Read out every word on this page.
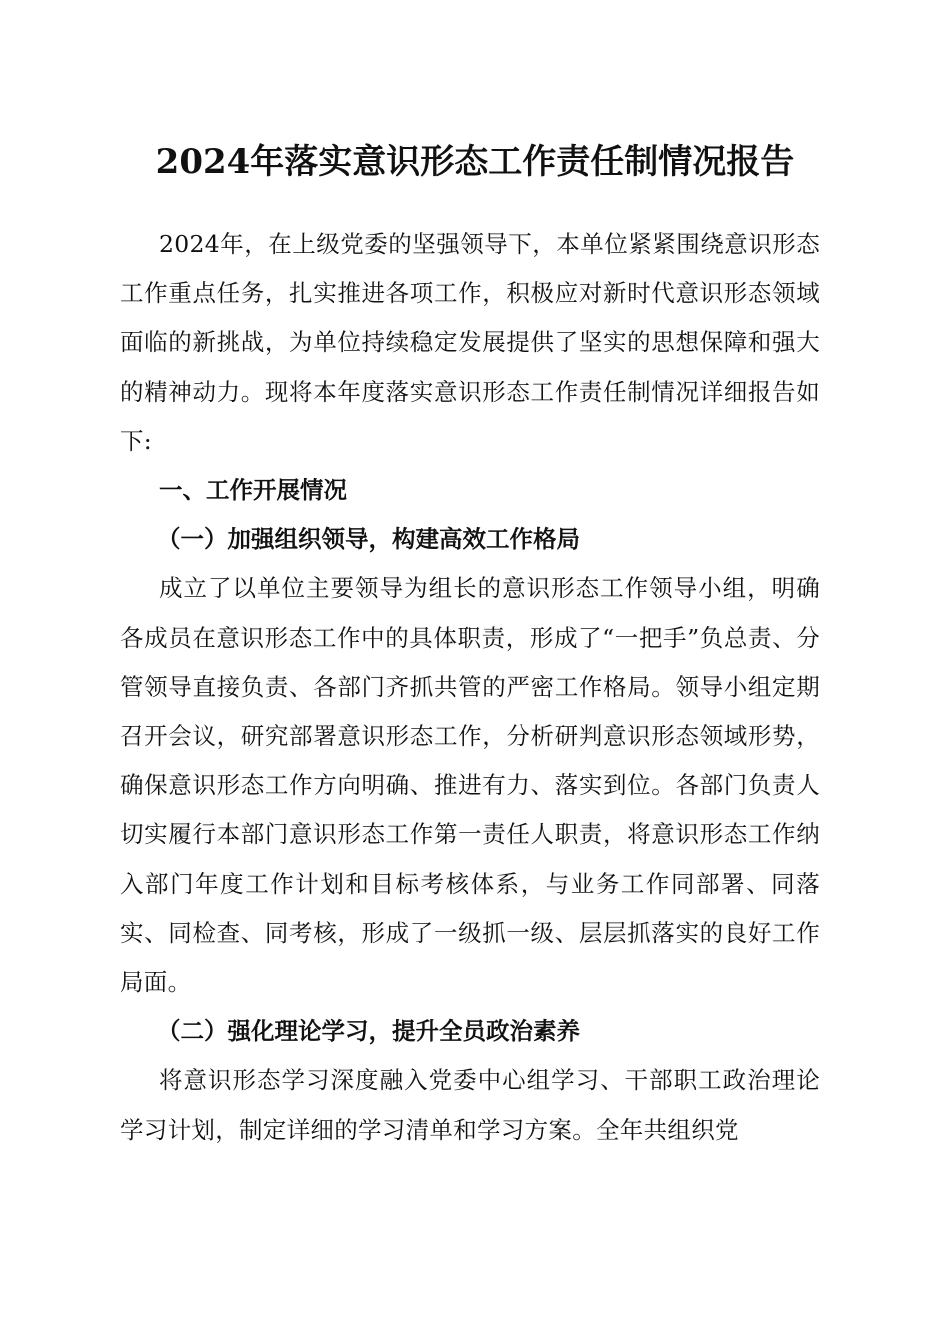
2024年落实意识形态工作责任制情况报告

2024年，在上级党委的坚强领导下，本单位紧紧围绕意识形态工作重点任务，扎实推进各项工作，积极应对新时代意识形态领域面临的新挑战，为单位持续稳定发展提供了坚实的思想保障和强大的精神动力。现将本年度落实意识形态工作责任制情况详细报告如下:

一、工作开展情况

（一）加强组织领导，构建高效工作格局

成立了以单位主要领导为组长的意识形态工作领导小组，明确各成员在意识形态工作中的具体职责，形成了“一把手”负总责、分管领导直接负责、各部门齐抓共管的严密工作格局。领导小组定期召开会议，研究部署意识形态工作，分析研判意识形态领域形势，确保意识形态工作方向明确、推进有力、落实到位。各部门负责人切实履行本部门意识形态工作第一责任人职责，将意识形态工作纳入部门年度工作计划和目标考核体系，与业务工作同部署、同落实、同检查、同考核，形成了一级抓一级、层层抓落实的良好工作局面。

（二）强化理论学习，提升全员政治素养

将意识形态学习深度融入党委中心组学习、干部职工政治理论学习计划，制定详细的学习清单和学习方案。全年共组织党
